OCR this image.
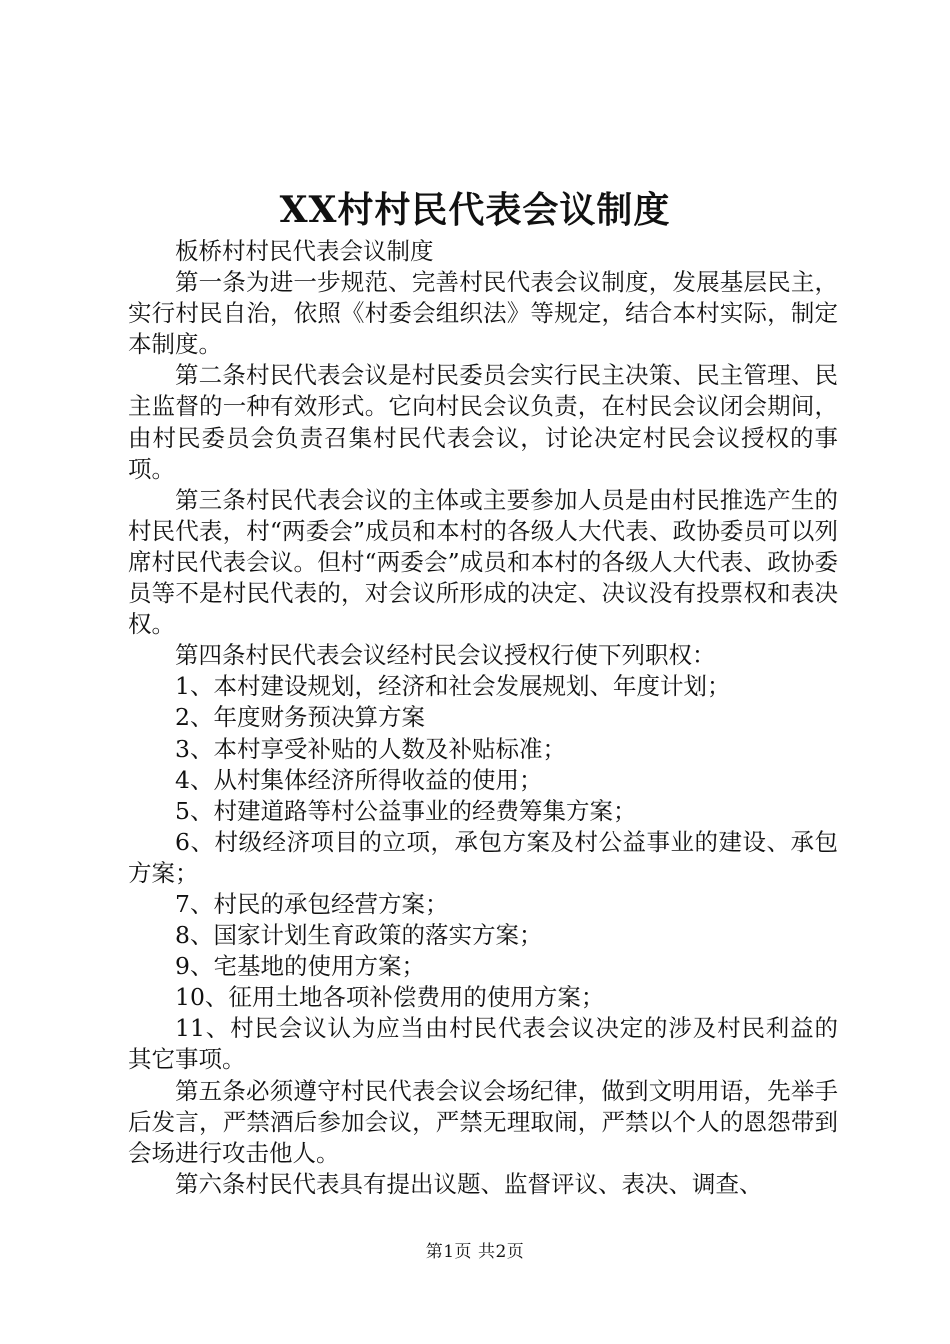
XX村村民代表会议制度

板桥村村民代表会议制度

第一条为进一步规范、完善村民代表会议制度，发展基层民主，实行村民自治，依照《村委会组织法》等规定，结合本村实际，制定本制度。

第二条村民代表会议是村民委员会实行民主决策、民主管理、民主监督的一种有效形式。它向村民会议负责，在村民会议闭会期间，由村民委员会负责召集村民代表会议，讨论决定村民会议授权的事项。

第三条村民代表会议的主体或主要参加人员是由村民推选产生的村民代表，村“两委会”成员和本村的各级人大代表、政协委员可以列席村民代表会议。但村“两委会”成员和本村的各级人大代表、政协委员等不是村民代表的，对会议所形成的决定、决议没有投票权和表决权。

第四条村民代表会议经村民会议授权行使下列职权：

1、本村建设规划，经济和社会发展规划、年度计划；

2、年度财务预决算方案

3、本村享受补贴的人数及补贴标准；

4、从村集体经济所得收益的使用；

5、村建道路等村公益事业的经费筹集方案；

6、村级经济项目的立项，承包方案及村公益事业的建设、承包方案；

7、村民的承包经营方案；

8、国家计划生育政策的落实方案；

9、宅基地的使用方案；

10、征用土地各项补偿费用的使用方案；

11、村民会议认为应当由村民代表会议决定的涉及村民利益的其它事项。

第五条必须遵守村民代表会议会场纪律，做到文明用语，先举手后发言，严禁酒后参加会议，严禁无理取闹，严禁以个人的恩怨带到会场进行攻击他人。

第六条村民代表具有提出议题、监督评议、表决、调查、

第1页 共2页
